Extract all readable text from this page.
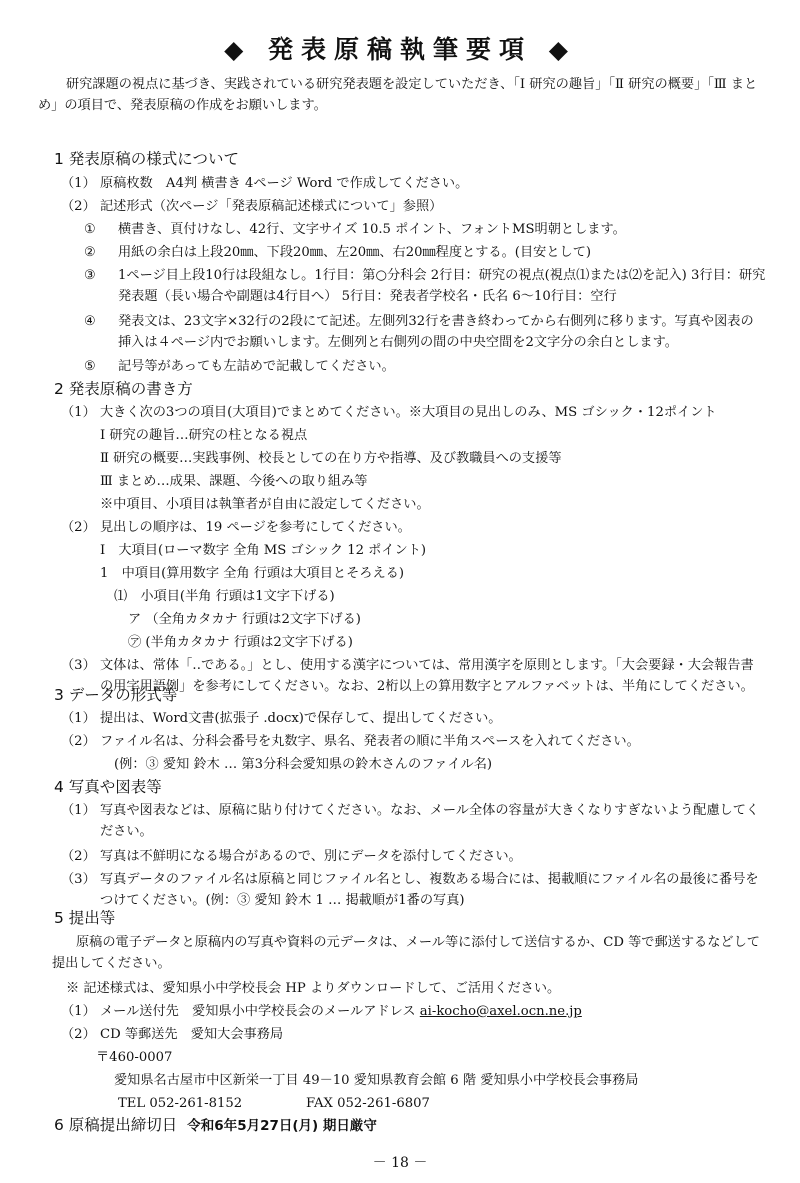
◆ 発表原稿執筆要項 ◆
研究課題の視点に基づき、実践されている研究発表題を設定していただき、「Ⅰ 研究の趣旨」「Ⅱ 研究の概要」「Ⅲ まとめ」の項目で、発表原稿の作成をお願いします。
1 発表原稿の様式について
（1） 原稿枚数　A4判 横書き 4ページ Word で作成してください。
（2） 記述形式（次ページ「発表原稿記述様式について」参照）
① 横書き、頁付けなし、42行、文字サイズ 10.5 ポイント、フォントMS明朝とします。
② 用紙の余白は上段20㎜、下段20㎜、左20㎜、右20㎜程度とする。(目安として)
③ 1ページ目上段10行は段組なし。1行目：第○分科会 2行目：研究の視点(視点⑴または⑵を記入) 3行目：研究発表題（長い場合や副題は4行目へ） 5行目：発表者学校名・氏名 6～10行目：空行
④ 発表文は、23文字×32行の2段にて記述。左側列32行を書き終わってから右側列に移ります。写真や図表の挿入は４ページ内でお願いします。左側列と右側列の間の中央空間を2文字分の余白とします。
⑤ 記号等があっても左詰めで記載してください。
2 発表原稿の書き方
（1） 大きく次の3つの項目(大項目)でまとめてください。※大項目の見出しのみ、MS ゴシック・12ポイント
Ⅰ 研究の趣旨…研究の柱となる視点
Ⅱ 研究の概要…実践事例、校長としての在り方や指導、及び教職員への支援等
Ⅲ まとめ…成果、課題、今後への取り組み等
※中項目、小項目は執筆者が自由に設定してください。
（2） 見出しの順序は、19 ページを参考にしてください。
Ⅰ　大項目(ローマ数字 全角 MS ゴシック 12 ポイント)
1　中項目(算用数字 全角 行頭は大項目とそろえる)
⑴　小項目(半角 行頭は1文字下げる)
ア （全角カタカナ 行頭は2文字下げる)
㋐ (半角カタカナ 行頭は2文字下げる)
（3） 文体は、常体「‥である。」とし、使用する漢字については、常用漢字を原則とします。「大会要録・大会報告書の用字用語例」を参考にしてください。なお、2桁以上の算用数字とアルファベットは、半角にしてください。
3 データの形式等
（1） 提出は、Word文書(拡張子 .docx)で保存して、提出してください。
（2） ファイル名は、分科会番号を丸数字、県名、発表者の順に半角スペースを入れてください。
(例：③ 愛知 鈴木 … 第3分科会愛知県の鈴木さんのファイル名)
4 写真や図表等
（1） 写真や図表などは、原稿に貼り付けてください。なお、メール全体の容量が大きくなりすぎないよう配慮してください。
（2） 写真は不鮮明になる場合があるので、別にデータを添付してください。
（3） 写真データのファイル名は原稿と同じファイル名とし、複数ある場合には、掲載順にファイル名の最後に番号をつけてください。(例：③ 愛知 鈴木 1 … 掲載順が1番の写真)
5 提出等
原稿の電子データと原稿内の写真や資料の元データは、メール等に添付して送信するか、CD 等で郵送するなどして提出してください。
※ 記述様式は、愛知県小中学校長会 HP よりダウンロードして、ご活用ください。
（1） メール送付先　愛知県小中学校長会のメールアドレス ai-kocho@axel.ocn.ne.jp
（2） CD 等郵送先　愛知大会事務局
〒460-0007
愛知県名古屋市中区新栄一丁目 49－10 愛知県教育会館 6 階 愛知県小中学校長会事務局
TEL 052-261-8152	FAX 052-261-6807
6 原稿提出締切日 令和6年5月27日(月) 期日厳守
－ 18 －
